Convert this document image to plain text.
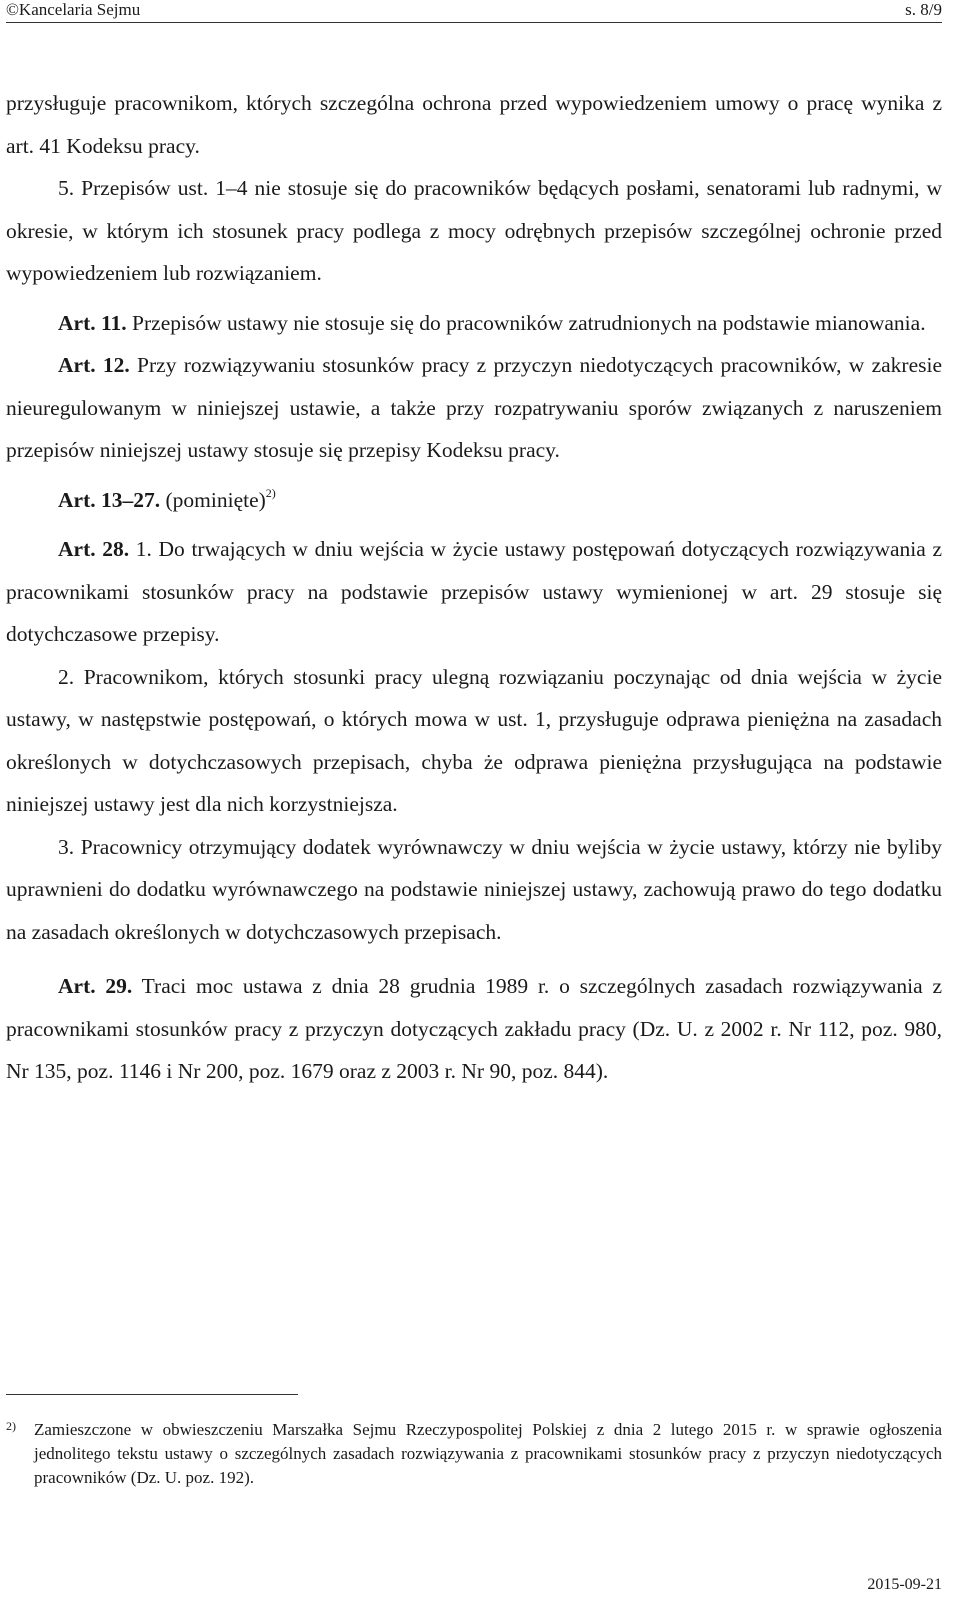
©Kancelaria Sejmu	s. 8/9

przysługuje pracownikom, których szczególna ochrona przed wypowiedzeniem umowy o pracę wynika z art. 41 Kodeksu pracy.

5. Przepisów ust. 1–4 nie stosuje się do pracowników będących posłami, senatorami lub radnymi, w okresie, w którym ich stosunek pracy podlega z mocy odrębnych przepisów szczególnej ochronie przed wypowiedzeniem lub rozwiązaniem.

Art. 11. Przepisów ustawy nie stosuje się do pracowników zatrudnionych na podstawie mianowania.

Art. 12. Przy rozwiązywaniu stosunków pracy z przyczyn niedotyczących pracowników, w zakresie nieuregulowanym w niniejszej ustawie, a także przy rozpatrywaniu sporów związanych z naruszeniem przepisów niniejszej ustawy stosuje się przepisy Kodeksu pracy.

Art. 13–27. (pominięte)$^{2)}$

Art. 28. 1. Do trwających w dniu wejścia w życie ustawy postępowań dotyczących rozwiązywania z pracownikami stosunków pracy na podstawie przepisów ustawy wymienionej w art. 29 stosuje się dotychczasowe przepisy.

2. Pracownikom, których stosunki pracy ulegną rozwiązaniu poczynając od dnia wejścia w życie ustawy, w następstwie postępowań, o których mowa w ust. 1, przysługuje odprawa pieniężna na zasadach określonych w dotychczasowych przepisach, chyba że odprawa pieniężna przysługująca na podstawie niniejszej ustawy jest dla nich korzystniejsza.

3. Pracownicy otrzymujący dodatek wyrównawczy w dniu wejścia w życie ustawy, którzy nie byliby uprawnieni do dodatku wyrównawczego na podstawie niniejszej ustawy, zachowują prawo do tego dodatku na zasadach określonych w dotychczasowych przepisach.

Art. 29. Traci moc ustawa z dnia 28 grudnia 1989 r. o szczególnych zasadach rozwiązywania z pracownikami stosunków pracy z przyczyn dotyczących zakładu pracy (Dz. U. z 2002 r. Nr 112, poz. 980, Nr 135, poz. 1146 i Nr 200, poz. 1679 oraz z 2003 r. Nr 90, poz. 844).

2) Zamieszczone w obwieszczeniu Marszałka Sejmu Rzeczypospolitej Polskiej z dnia 2 lutego 2015 r. w sprawie ogłoszenia jednolitego tekstu ustawy o szczególnych zasadach rozwiązywania z pracownikami stosunków pracy z przyczyn niedotyczących pracowników (Dz. U. poz. 192).
2015-09-21
